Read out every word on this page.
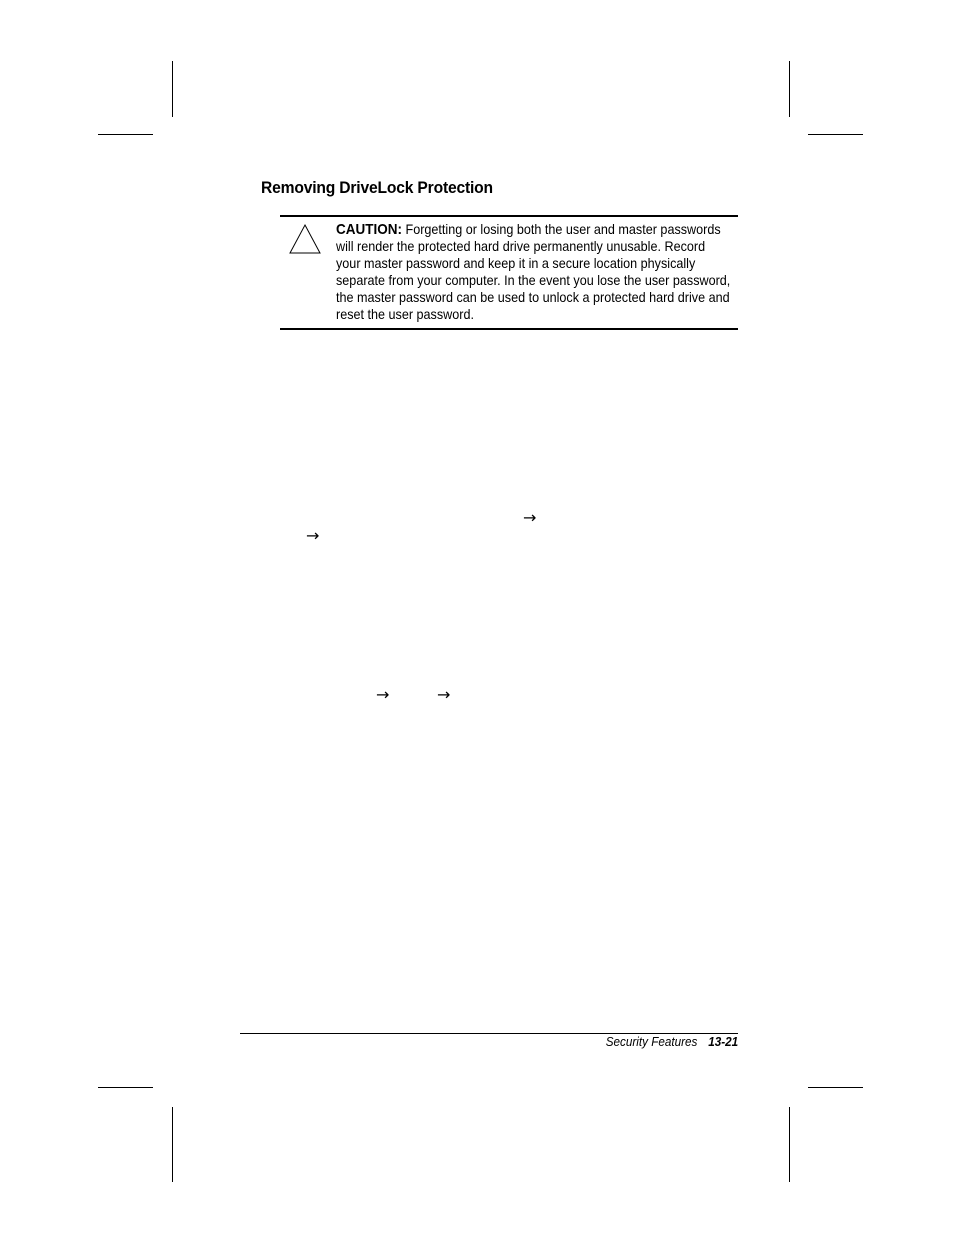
Removing DriveLock Protection
CAUTION: Forgetting or losing both the user and master passwords will render the protected hard drive permanently unusable. Record your master password and keep it in a secure location physically separate from your computer. In the event you lose the user password, the master password can be used to unlock a protected hard drive and reset the user password.
→
→
→	→
Security Features 13-21
